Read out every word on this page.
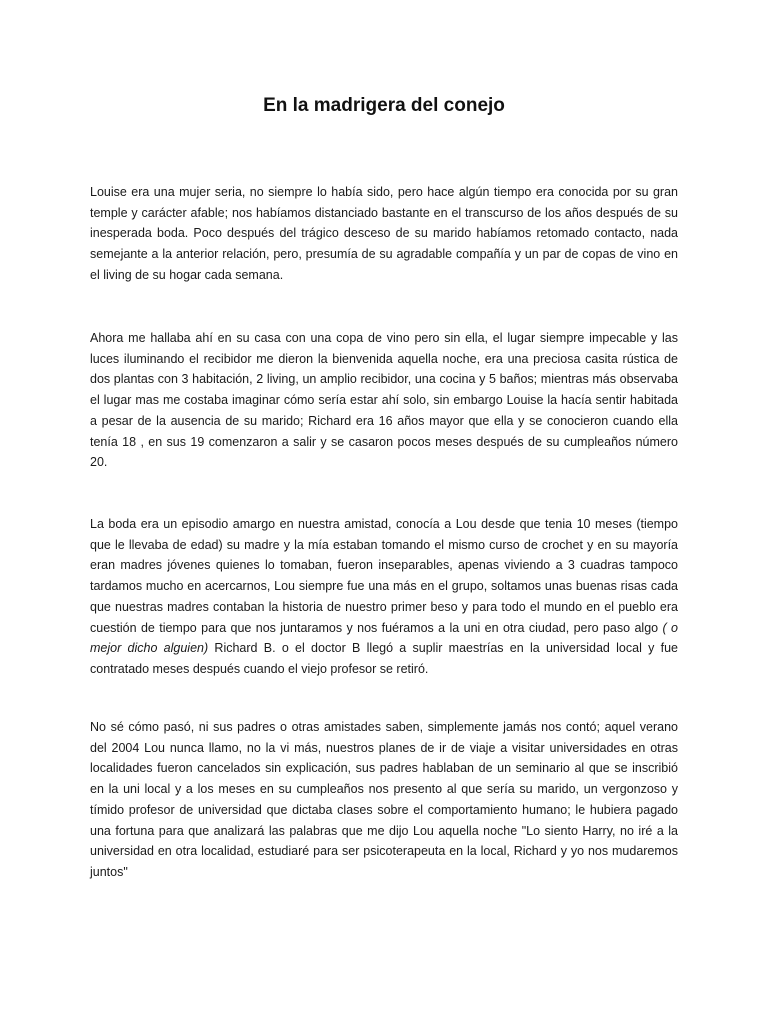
En la madrigera del conejo

Louise era una mujer seria, no siempre lo había sido, pero hace algún tiempo era conocida por su gran temple y carácter afable; nos habíamos distanciado bastante en el transcurso de los años después de su inesperada boda. Poco después del trágico desceso de su marido habíamos retomado contacto, nada semejante a la anterior relación, pero, presumía de su agradable compañía y un par de copas de vino en el living de su hogar cada semana.

Ahora me hallaba ahí en su casa con una copa de vino pero sin ella, el lugar siempre impecable y las luces iluminando el recibidor me dieron la bienvenida aquella noche, era una preciosa casita rústica de dos plantas con 3 habitación, 2 living, un amplio recibidor, una cocina y 5 baños; mientras más observaba el lugar mas me costaba imaginar cómo sería estar ahí solo, sin embargo Louise la hacía sentir habitada a pesar de la ausencia de su marido; Richard era 16 años mayor que ella y se conocieron cuando ella tenía 18 , en sus 19 comenzaron a salir y se casaron pocos meses después de su cumpleaños número 20.

La boda era un episodio amargo en nuestra amistad, conocía a Lou desde que tenia 10 meses (tiempo que le llevaba de edad) su madre y la mía estaban tomando el mismo curso de crochet y en su mayoría eran madres jóvenes quienes lo tomaban, fueron inseparables, apenas viviendo a 3 cuadras tampoco tardamos mucho en acercarnos, Lou siempre fue una más en el grupo, soltamos unas buenas risas cada que nuestras madres contaban la historia de nuestro primer beso y para todo el mundo en el pueblo era cuestión de tiempo para que nos juntaramos y nos fuéramos a la uni en otra ciudad, pero paso algo ( o mejor dicho alguien) Richard B. o el doctor B llegó a suplir maestrías en la universidad local y fue contratado meses después cuando el viejo profesor se retiró.

No sé cómo pasó, ni sus padres o otras amistades saben, simplemente jamás nos contó; aquel verano del 2004 Lou nunca llamo, no la vi más, nuestros planes de ir de viaje a visitar universidades en otras localidades fueron cancelados sin explicación, sus padres hablaban de un seminario al que se inscribió en la uni local y a los meses en su cumpleaños nos presento al que sería su marido, un vergonzoso y tímido profesor de universidad que dictaba clases sobre el comportamiento humano; le hubiera pagado una fortuna para que analizará las palabras que me dijo Lou aquella noche "Lo siento Harry, no iré a la universidad en otra localidad, estudiaré para ser psicoterapeuta en la local, Richard y yo nos mudaremos juntos"
